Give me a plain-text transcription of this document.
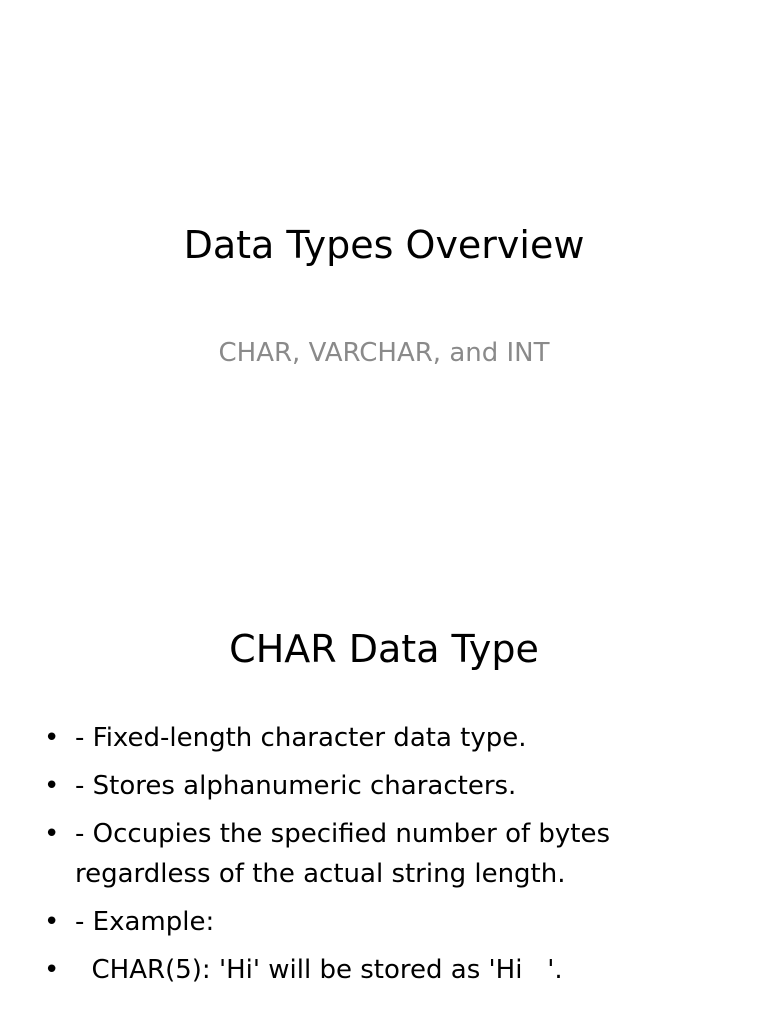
Data Types Overview
CHAR, VARCHAR, and INT
CHAR Data Type
• - Fixed-length character data type.
• - Stores alphanumeric characters.
• - Occupies the specified number of bytes regardless of the actual string length.
• - Example:
• CHAR(5): 'Hi' will be stored as 'Hi   '.
